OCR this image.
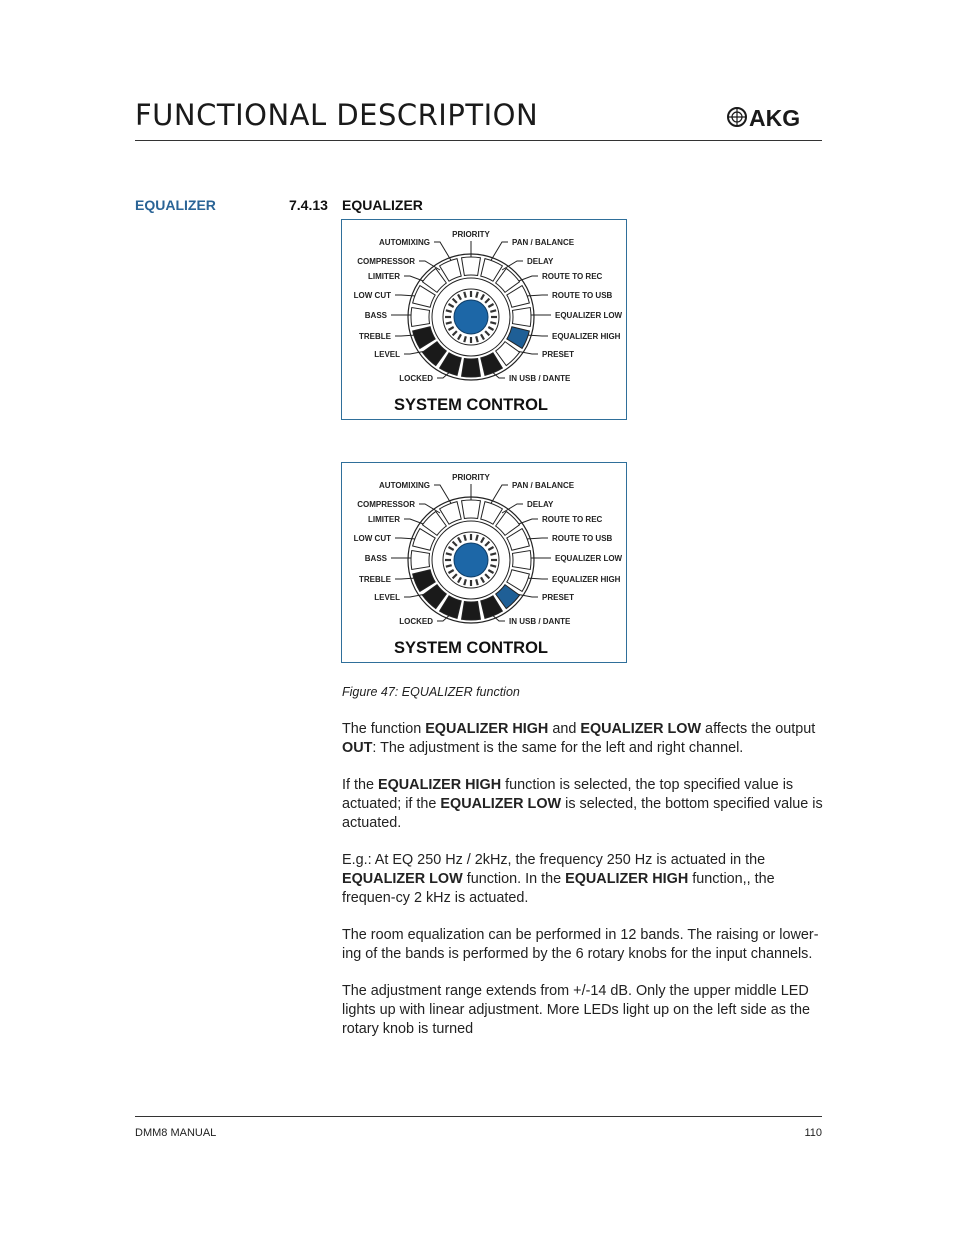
FUNCTIONAL DESCRIPTION	AKG
EQUALIZER	7.4.13 EQUALIZER
PRIORITY
AUTOMIXING
COMPRESSOR
LIMITER
LOW CUT
BASS
TREBLE
LEVEL
LOCKED
PAN / BALANCE
DELAY
ROUTE TO REC
ROUTE TO USB
EQUALIZER LOW
EQUALIZER HIGH
PRESET
IN USB / DANTE
SYSTEM CONTROL
PRIORITY
AUTOMIXING
COMPRESSOR
LIMITER
LOW CUT
BASS
TREBLE
LEVEL
LOCKED
PAN / BALANCE
DELAY
ROUTE TO REC
ROUTE TO USB
EQUALIZER LOW
EQUALIZER HIGH
PRESET
IN USB / DANTE
SYSTEM CONTROL
Figure 47: EQUALIZER function

The function EQUALIZER HIGH and EQUALIZER LOW affects the output OUT: The adjustment is the same for the left and right channel.

If the EQUALIZER HIGH function is selected, the top specified value is actuated; if the EQUALIZER LOW is selected, the bottom specified value is actuated.

E.g.: At EQ 250 Hz / 2kHz, the frequency 250 Hz is actuated in the EQUALIZER LOW function. In the EQUALIZER HIGH function,, the frequen-cy 2 kHz is actuated.

The room equalization can be performed in 12 bands. The raising or lower-ing of the bands is performed by the 6 rotary knobs for the input channels.

The adjustment range extends from +/-14 dB. Only the upper middle LED lights up with linear adjustment. More LEDs light up on the left side as the rotary knob is turned

DMM8 MANUAL	110
